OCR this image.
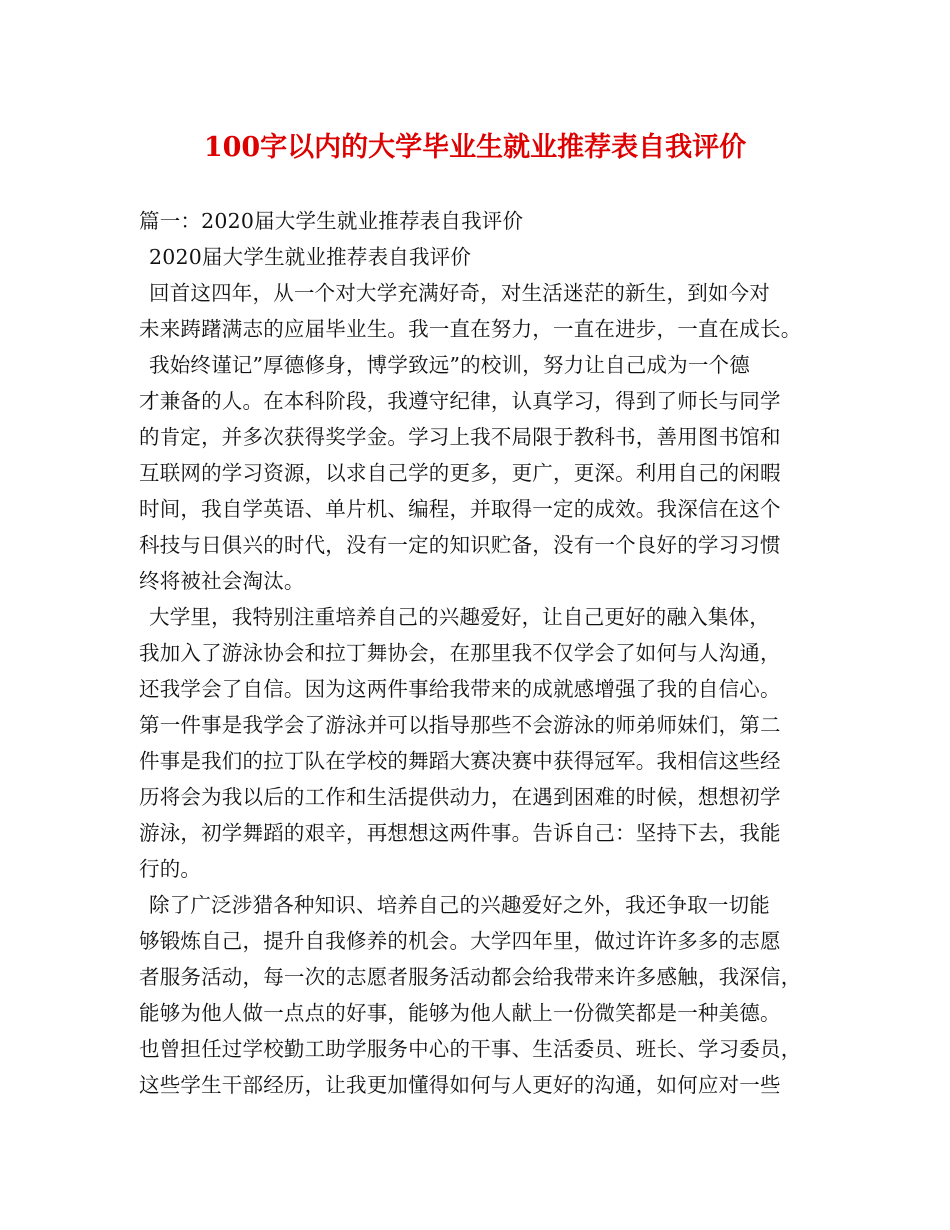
100字以内的大学毕业生就业推荐表自我评价
篇一：2020届大学生就业推荐表自我评价
2020届大学生就业推荐表自我评价
回首这四年，从一个对大学充满好奇，对生活迷茫的新生，到如今对
未来踌躇满志的应届毕业生。我一直在努力，一直在进步，一直在成长。
我始终谨记”厚德修身，博学致远”的校训，努力让自己成为一个德
才兼备的人。在本科阶段，我遵守纪律，认真学习，得到了师长与同学
的肯定，并多次获得奖学金。学习上我不局限于教科书，善用图书馆和
互联网的学习资源，以求自己学的更多，更广，更深。利用自己的闲暇
时间，我自学英语、单片机、编程，并取得一定的成效。我深信在这个
科技与日俱兴的时代，没有一定的知识贮备，没有一个良好的学习习惯
终将被社会淘汰。
大学里，我特别注重培养自己的兴趣爱好，让自己更好的融入集体，
我加入了游泳协会和拉丁舞协会，在那里我不仅学会了如何与人沟通，
还我学会了自信。因为这两件事给我带来的成就感增强了我的自信心。
第一件事是我学会了游泳并可以指导那些不会游泳的师弟师妹们，第二
件事是我们的拉丁队在学校的舞蹈大赛决赛中获得冠军。我相信这些经
历将会为我以后的工作和生活提供动力，在遇到困难的时候，想想初学
游泳，初学舞蹈的艰辛，再想想这两件事。告诉自己：坚持下去，我能
行的。
除了广泛涉猎各种知识、培养自己的兴趣爱好之外，我还争取一切能
够锻炼自己，提升自我修养的机会。大学四年里，做过许许多多的志愿
者服务活动，每一次的志愿者服务活动都会给我带来许多感触，我深信，
能够为他人做一点点的好事，能够为他人献上一份微笑都是一种美德。
也曾担任过学校勤工助学服务中心的干事、生活委员、班长、学习委员，
这些学生干部经历，让我更加懂得如何与人更好的沟通，如何应对一些
